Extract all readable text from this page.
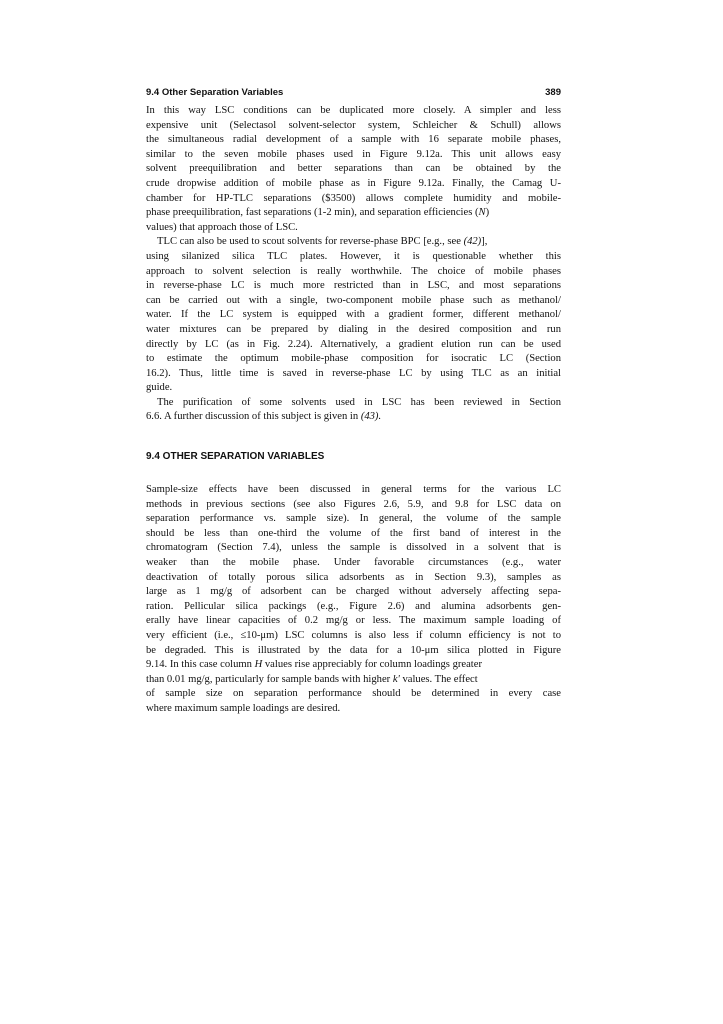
9.4 Other Separation Variables	389
In this way LSC conditions can be duplicated more closely. A simpler and less
expensive unit (Selectasol solvent-selector system, Schleicher & Schull) allows
the simultaneous radial development of a sample with 16 separate mobile phases,
similar to the seven mobile phases used in Figure 9.12a. This unit allows easy
solvent preequilibration and better separations than can be obtained by the
crude dropwise addition of mobile phase as in Figure 9.12a. Finally, the Camag U-
chamber for HP-TLC separations ($3500) allows complete humidity and mobile-
phase preequilibration, fast separations (1-2 min), and separation efficiencies (N)
values) that approach those of LSC.
TLC can also be used to scout solvents for reverse-phase BPC [e.g., see (42)],
using silanized silica TLC plates. However, it is questionable whether this
approach to solvent selection is really worthwhile. The choice of mobile phases
in reverse-phase LC is much more restricted than in LSC, and most separations
can be carried out with a single, two-component mobile phase such as methanol/
water. If the LC system is equipped with a gradient former, different methanol/
water mixtures can be prepared by dialing in the desired composition and run
directly by LC (as in Fig. 2.24). Alternatively, a gradient elution run can be used
to estimate the optimum mobile-phase composition for isocratic LC (Section
16.2). Thus, little time is saved in reverse-phase LC by using TLC as an initial
guide.
The purification of some solvents used in LSC has been reviewed in Section
6.6. A further discussion of this subject is given in (43).
9.4 OTHER SEPARATION VARIABLES
Sample-size effects have been discussed in general terms for the various LC
methods in previous sections (see also Figures 2.6, 5.9, and 9.8 for LSC data on
separation performance vs. sample size). In general, the volume of the sample
should be less than one-third the volume of the first band of interest in the
chromatogram (Section 7.4), unless the sample is dissolved in a solvent that is
weaker than the mobile phase. Under favorable circumstances (e.g., water
deactivation of totally porous silica adsorbents as in Section 9.3), samples as
large as 1 mg/g of adsorbent can be charged without adversely affecting sepa-
ration. Pellicular silica packings (e.g., Figure 2.6) and alumina adsorbents gen-
erally have linear capacities of 0.2 mg/g or less. The maximum sample loading of
very efficient (i.e., ≤10-μm) LSC columns is also less if column efficiency is not to
be degraded. This is illustrated by the data for a 10-μm silica plotted in Figure
9.14. In this case column H values rise appreciably for column loadings greater
than 0.01 mg/g, particularly for sample bands with higher k' values. The effect
of sample size on separation performance should be determined in every case
where maximum sample loadings are desired.
